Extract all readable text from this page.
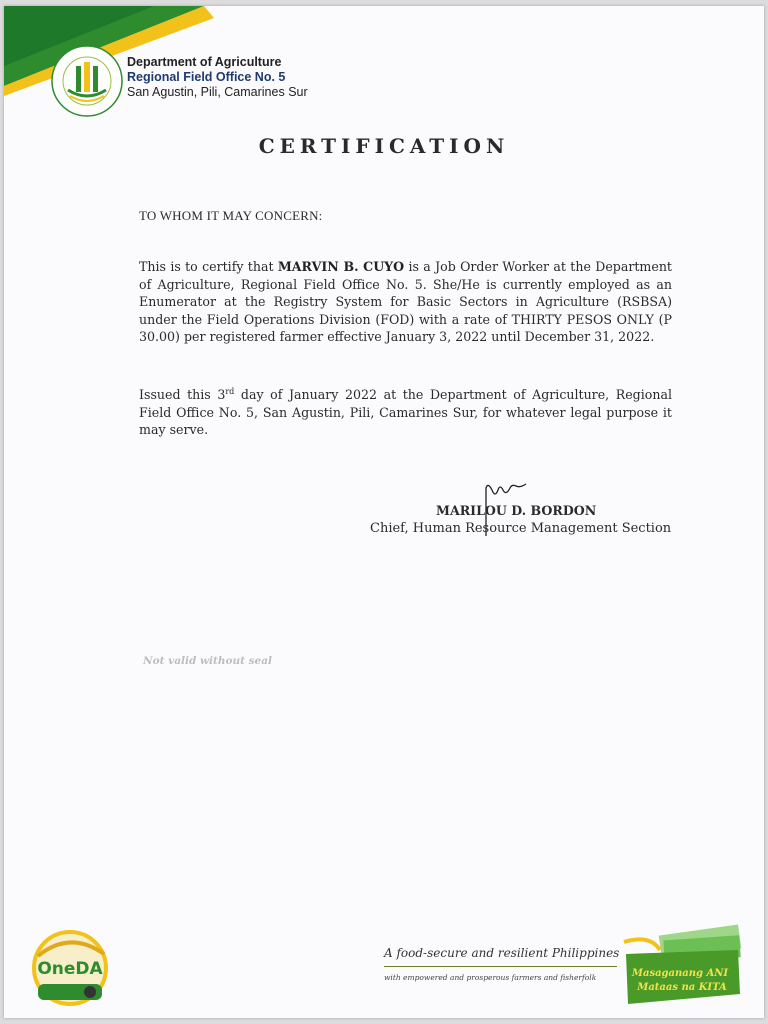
Department of Agriculture
Regional Field Office No. 5
San Agustin, Pili, Camarines Sur
CERTIFICATION
TO WHOM IT MAY CONCERN:
This is to certify that MARVIN B. CUYO is a Job Order Worker at the Department of Agriculture, Regional Field Office No. 5. She/He is currently employed as an Enumerator at the Registry System for Basic Sectors in Agriculture (RSBSA) under the Field Operations Division (FOD) with a rate of THIRTY PESOS ONLY (P 30.00) per registered farmer effective January 3, 2022 until December 31, 2022.
Issued this 3rd day of January 2022 at the Department of Agriculture, Regional Field Office No. 5, San Agustin, Pili, Camarines Sur, for whatever legal purpose it may serve.
MARILOU D. BORDON
Chief, Human Resource Management Section
Not valid without seal
OneDA
A food-secure and resilient Philippines
with empowered and prosperous farmers and fisherfolk	Masaganang ANI
Mataas na KITA
